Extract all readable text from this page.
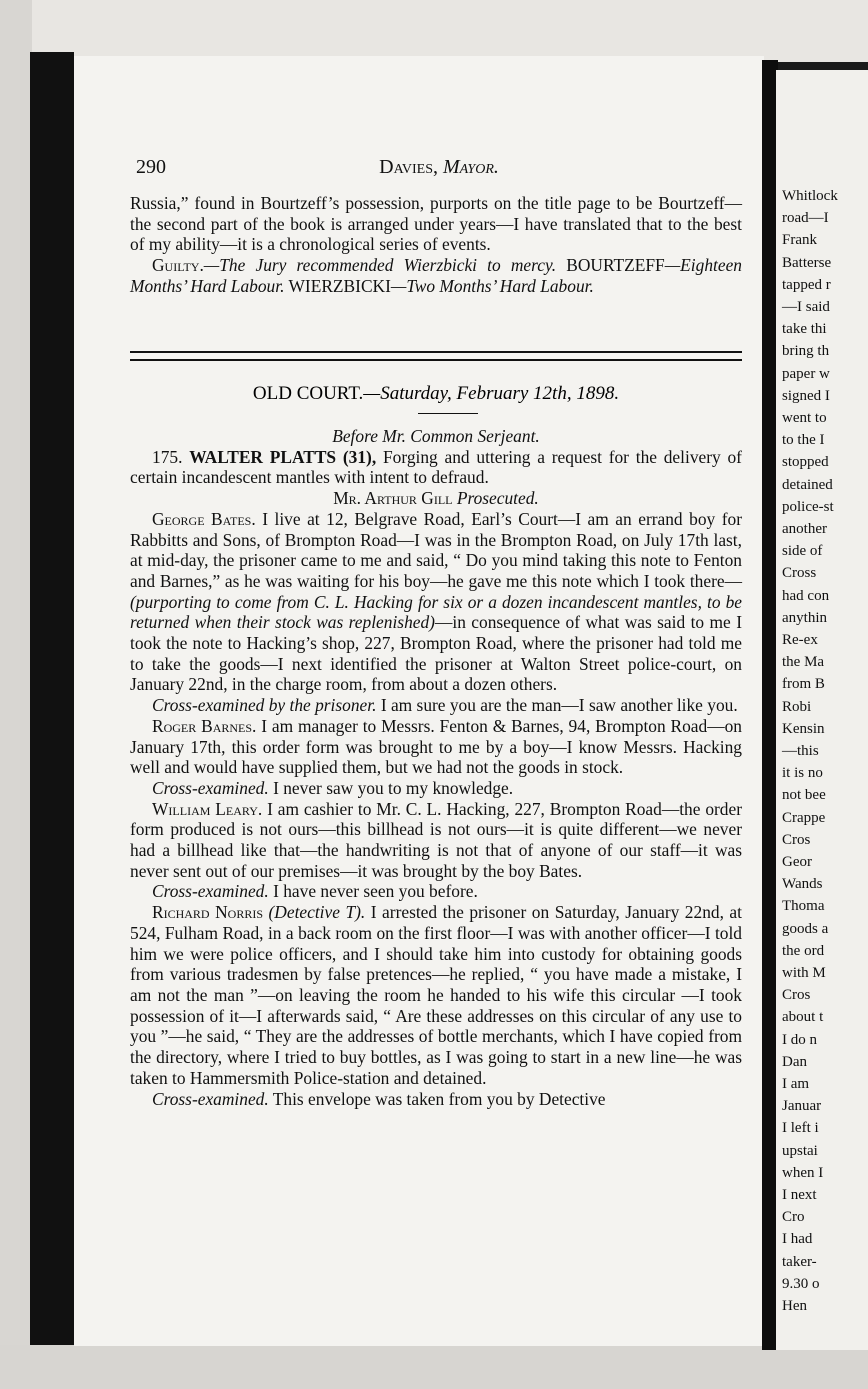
Whitlock
road—I
Frank
Batterse
tapped r
—I said
take thi
bring th
paper w
signed I
went to
to the I
stopped
detained
police-st
another
side of
Cross
had con
anythin
Re-ex
the Ma
from B
Robi
Kensin
—this
it is no
not bee
Crappe
Cros
Geor
Wands
Thoma
goods a
the ord
with M
Cros
about t
I do n
Dan
I am
Januar
I left i
upstai
when I
I next
Cro
I had
taker-
9.30 o
Hen
290	Davies, Mayor.

Russia,” found in Bourtzeff’s possession, purports on the title page to be Bourtzeff—the second part of the book is arranged under years—I have translated that to the best of my ability—it is a chronological series of events.

Guilty.—The Jury recommended Wierzbicki to mercy. BOURTZEFF—Eighteen Months’ Hard Labour. WIERZBICKI—Two Months’ Hard Labour.

OLD COURT.—Saturday, February 12th, 1898.

Before Mr. Common Serjeant.

175. WALTER PLATTS (31), Forging and uttering a request for the delivery of certain incandescent mantles with intent to defraud.

Mr. Arthur Gill Prosecuted.

George Bates. I live at 12, Belgrave Road, Earl’s Court—I am an errand boy for Rabbitts and Sons, of Brompton Road—I was in the Brompton Road, on July 17th last, at mid-day, the prisoner came to me and said, “ Do you mind taking this note to Fenton and Barnes,” as he was waiting for his boy—he gave me this note which I took there—(purporting to come from C. L. Hacking for six or a dozen incandescent mantles, to be returned when their stock was replenished)—in consequence of what was said to me I took the note to Hacking’s shop, 227, Brompton Road, where the prisoner had told me to take the goods—I next identified the prisoner at Walton Street police-court, on January 22nd, in the charge room, from about a dozen others.

Cross-examined by the prisoner. I am sure you are the man—I saw another like you.

Roger Barnes. I am manager to Messrs. Fenton & Barnes, 94, Brompton Road—on January 17th, this order form was brought to me by a boy—I know Messrs. Hacking well and would have supplied them, but we had not the goods in stock.

Cross-examined. I never saw you to my knowledge.

William Leary. I am cashier to Mr. C. L. Hacking, 227, Brompton Road—the order form produced is not ours—this billhead is not ours—it is quite different—we never had a billhead like that—the handwriting is not that of anyone of our staff—it was never sent out of our premises—it was brought by the boy Bates.

Cross-examined. I have never seen you before.

Richard Norris (Detective T). I arrested the prisoner on Saturday, January 22nd, at 524, Fulham Road, in a back room on the first floor—I was with another officer—I told him we were police officers, and I should take him into custody for obtaining goods from various tradesmen by false pretences—he replied, “ you have made a mistake, I am not the man ”—on leaving the room he handed to his wife this circular —I took possession of it—I afterwards said, “ Are these addresses on this circular of any use to you ”—he said, “ They are the addresses of bottle merchants, which I have copied from the directory, where I tried to buy bottles, as I was going to start in a new line—he was taken to Hammersmith Police-station and detained.

Cross-examined. This envelope was taken from you by Detective
